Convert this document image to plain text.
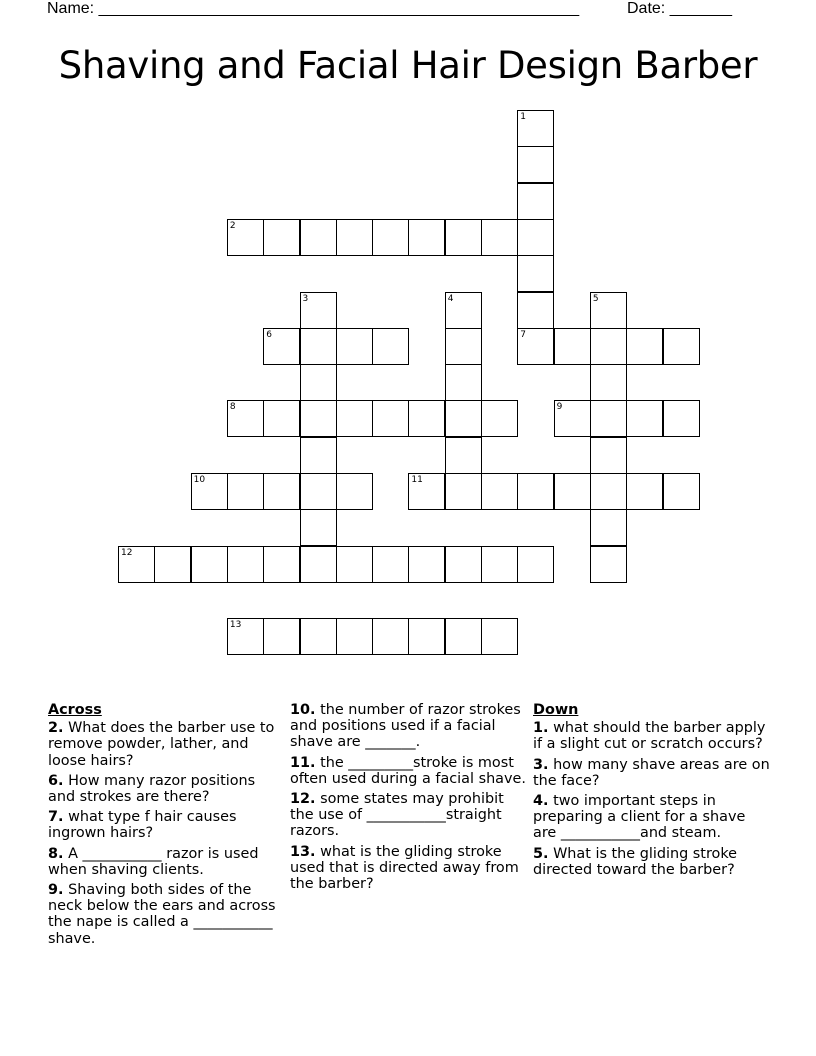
Name: ______________________________________________________	Date: _______
Shaving and Facial Hair Design Barber
1
7
2
3	4	5
6
8	9
10	11
12
13
Across
2. What does the barber use to remove powder, lather, and loose hairs?
6. How many razor positions and strokes are there?
7. what type f hair causes ingrown hairs?
8. A ___________ razor is used when shaving clients.
9. Shaving both sides of the neck below the ears and across the nape is called a ___________ shave.
10. the number of razor strokes and positions used if a facial shave are _______.
11. the _________stroke is most often used during a facial shave.
12. some states may prohibit the use of ___________straight razors.
13. what is the gliding stroke used that is directed away from the barber?
Down
1. what should the barber apply if a slight cut or scratch occurs?
3. how many shave areas are on the face?
4. two important steps in preparing a client for a shave are ___________and steam.
5. What is the gliding stroke directed toward the barber?
